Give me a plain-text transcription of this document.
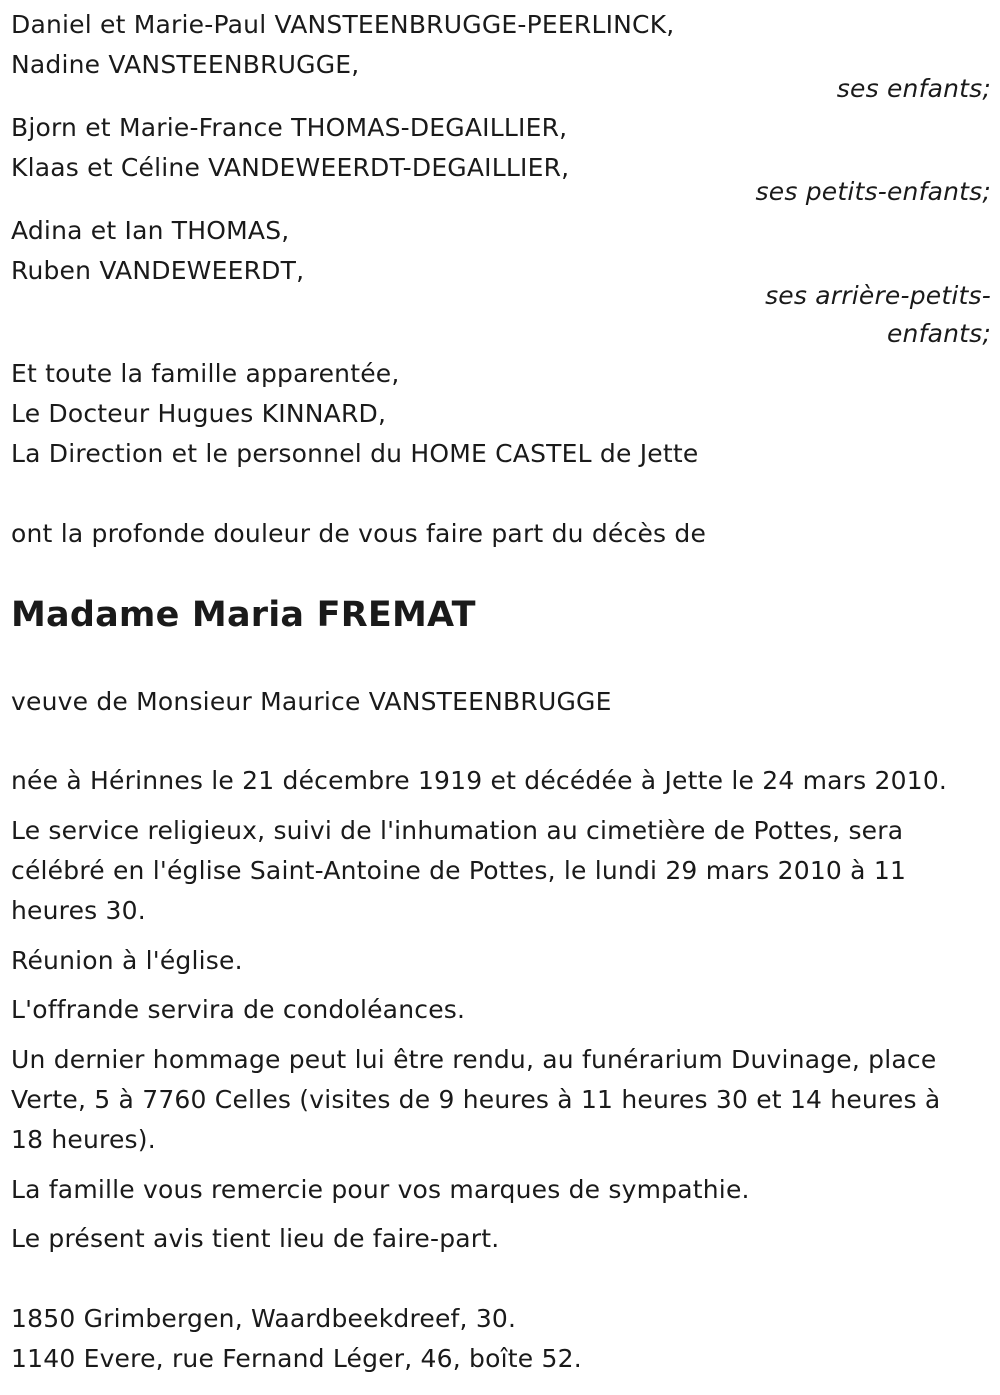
Daniel et Marie-Paul VANSTEENBRUGGE-PEERLINCK,
Nadine VANSTEENBRUGGE,
ses enfants;
Bjorn et Marie-France THOMAS-DEGAILLIER,
Klaas et Céline VANDEWEERDT-DEGAILLIER,
ses petits-enfants;
Adina et Ian THOMAS,
Ruben VANDEWEERDT,
ses arrière-petits-
enfants;
Et toute la famille apparentée,
Le Docteur Hugues KINNARD,
La Direction et le personnel du HOME CASTEL de Jette
ont la profonde douleur de vous faire part du décès de
Madame Maria FREMAT
veuve de Monsieur Maurice VANSTEENBRUGGE
née à Hérinnes le 21 décembre 1919 et décédée à Jette le 24 mars 2010.
Le service religieux, suivi de l'inhumation au cimetière de Pottes, sera
célébré en l'église Saint-Antoine de Pottes, le lundi 29 mars 2010 à 11
heures 30.
Réunion à l'église.
L'offrande servira de condoléances.
Un dernier hommage peut lui être rendu, au funérarium Duvinage, place
Verte, 5 à 7760 Celles (visites de 9 heures à 11 heures 30 et 14 heures à
18 heures).
La famille vous remercie pour vos marques de sympathie.
Le présent avis tient lieu de faire-part.
1850 Grimbergen, Waardbeekdreef, 30.
1140 Evere, rue Fernand Léger, 46, boîte 52.
